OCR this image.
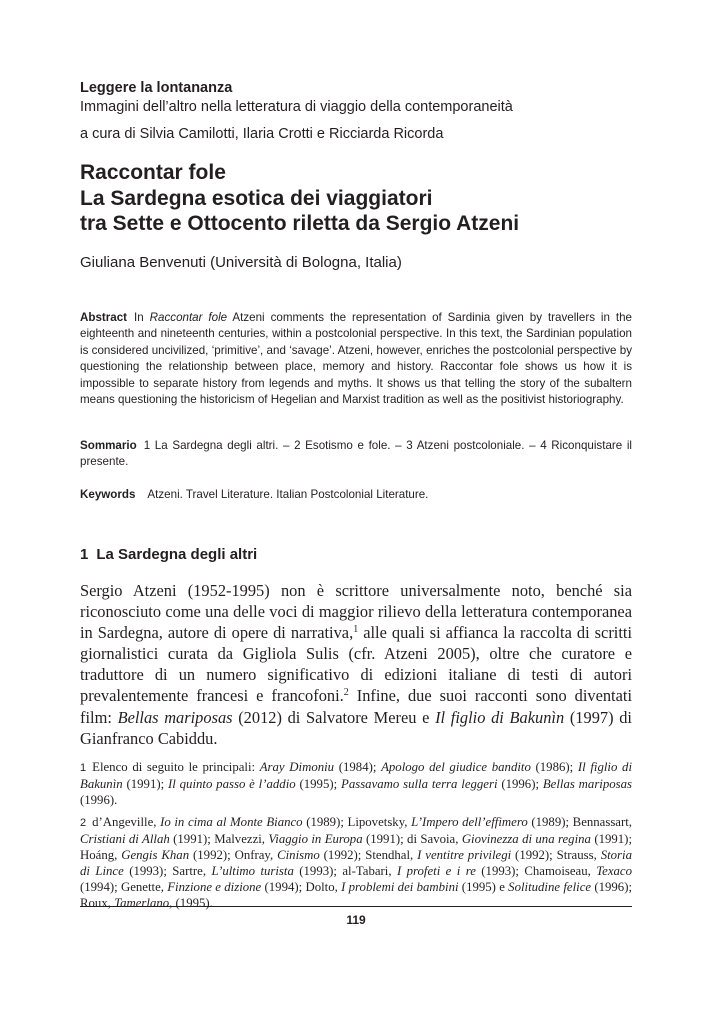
Leggere la lontananza

Immagini dell’altro nella letteratura di viaggio della contemporaneità

a cura di Silvia Camilotti, Ilaria Crotti e Ricciarda Ricorda

Raccontar fole
La Sardegna esotica dei viaggiatori
tra Sette e Ottocento riletta da Sergio Atzeni

Giuliana Benvenuti (Università di Bologna, Italia)

Abstract In Raccontar fole Atzeni comments the representation of Sardinia given by travellers in the eighteenth and nineteenth centuries, within a postcolonial perspective. In this text, the Sardinian population is considered uncivilized, ‘primitive’, and ‘savage’. Atzeni, however, enriches the postcolonial perspective by questioning the relationship between place, memory and history. Raccontar fole shows us how it is impossible to separate history from legends and myths. It shows us that telling the story of the subaltern means questioning the historicism of Hegelian and Marxist tradition as well as the positivist historiography.

Sommario 1 La Sardegna degli altri. – 2 Esotismo e fole. – 3 Atzeni postcoloniale. – 4 Riconquistare il presente.

Keywords Atzeni. Travel Literature. Italian Postcolonial Literature.

1 La Sardegna degli altri

Sergio Atzeni (1952-1995) non è scrittore universalmente noto, benché sia riconosciuto come una delle voci di maggior rilievo della letteratura contemporanea in Sardegna, autore di opere di narrativa,$^1$ alle quali si affianca la raccolta di scritti giornalistici curata da Gigliola Sulis (cfr. Atzeni 2005), oltre che curatore e traduttore di un numero significativo di edizioni italiane di testi di autori prevalentemente francesi e francofoni.$^2$ Infine, due suoi racconti sono diventati film: Bellas mariposas (2012) di Salvatore Mereu e Il figlio di Bakunìn (1997) di Gianfranco Cabiddu.

1 Elenco di seguito le principali: Aray Dimoniu (1984); Apologo del giudice bandito (1986); Il figlio di Bakunìn (1991); Il quinto passo è l’addio (1995); Passavamo sulla terra leggeri (1996); Bellas mariposas (1996).

2 d’Angeville, Io in cima al Monte Bianco (1989); Lipovetsky, L’Impero dell’effimero (1989); Bennassart, Cristiani di Allah (1991); Malvezzi, Viaggio in Europa (1991); di Savoia, Giovinezza di una regina (1991); Hoáng, Gengis Khan (1992); Onfray, Cinismo (1992); Stendhal, I ventitre privilegi (1992); Strauss, Storia di Lince (1993); Sartre, L’ultimo turista (1993); al-Tabari, I profeti e i re (1993); Chamoiseau, Texaco (1994); Genette, Finzione e dizione (1994); Dolto, I problemi dei bambini (1995) e Solitudine felice (1996); Roux, Tamerlano, (1995).

119
